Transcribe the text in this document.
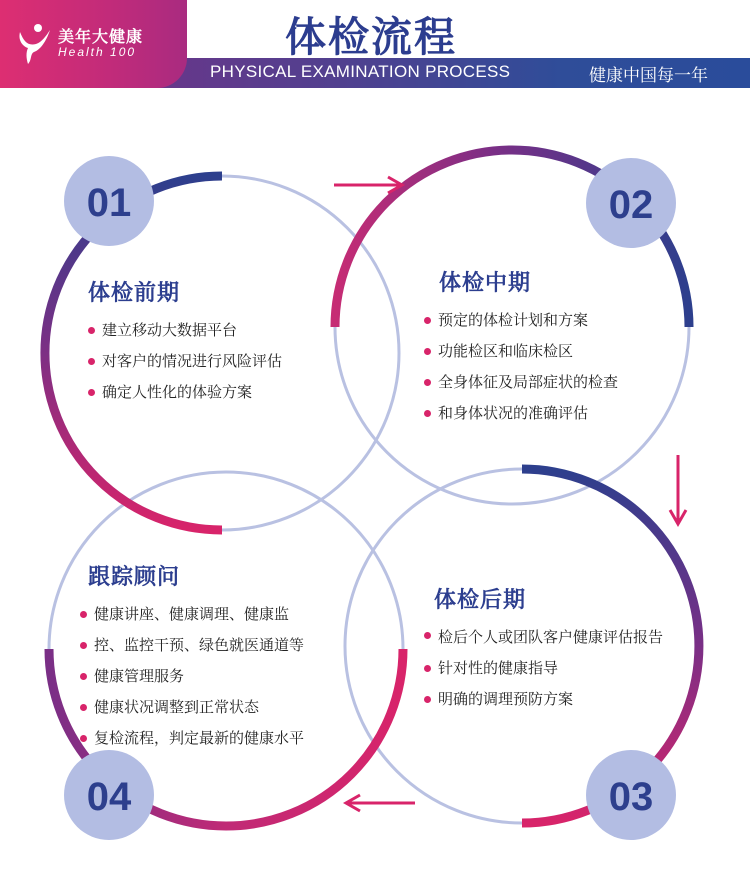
PHYSICAL EXAMINATION PROCESS	健康中国每一年
美年大健康
Health 100	体检流程
01	02
03
04
体检前期
建立移动大数据平台
对客户的情况进行风险评估
确定人性化的体验方案
体检中期
预定的体检计划和方案
功能检区和临床检区
全身体征及局部症状的检查
和身体状况的准确评估
跟踪顾问
健康讲座、健康调理、健康监
控、监控干预、绿色就医通道等
健康管理服务
健康状况调整到正常状态
复检流程，判定最新的健康水平
体检后期
检后个人或团队客户健康评估报告
针对性的健康指导
明确的调理预防方案
